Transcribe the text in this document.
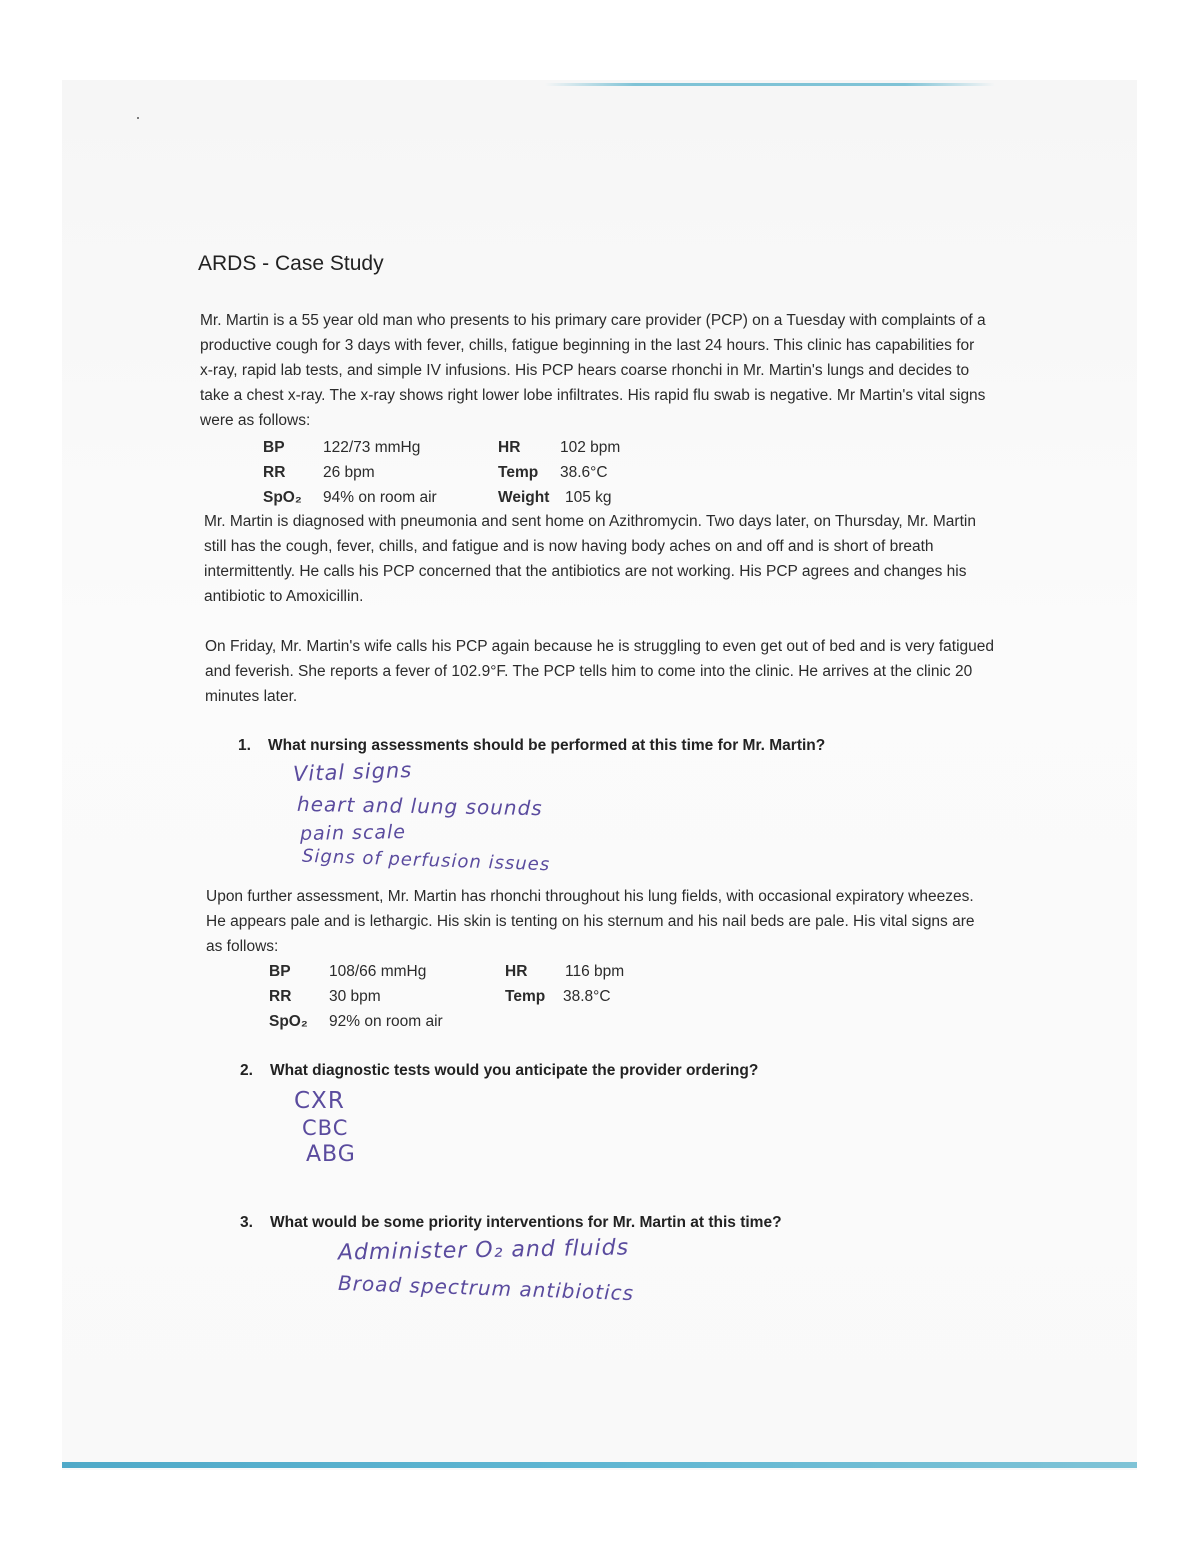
ARDS - Case Study

Mr. Martin is a 55 year old man who presents to his primary care provider (PCP) on a Tuesday with complaints of a productive cough for 3 days with fever, chills, fatigue beginning in the last 24 hours. This clinic has capabilities for x-ray, rapid lab tests, and simple IV infusions. His PCP hears coarse rhonchi in Mr. Martin's lungs and decides to take a chest x-ray. The x-ray shows right lower lobe infiltrates. His rapid flu swab is negative. Mr Martin's vital signs were as follows:

BP 122/73 mmHg	HR	102 bpm
RR 26 bpm	Temp 38.6°C
SpO₂ 94% on room air	Weight 105 kg

Mr. Martin is diagnosed with pneumonia and sent home on Azithromycin. Two days later, on Thursday, Mr. Martin still has the cough, fever, chills, and fatigue and is now having body aches on and off and is short of breath intermittently. He calls his PCP concerned that the antibiotics are not working. His PCP agrees and changes his antibiotic to Amoxicillin.

On Friday, Mr. Martin's wife calls his PCP again because he is struggling to even get out of bed and is very fatigued and feverish. She reports a fever of 102.9°F. The PCP tells him to come into the clinic. He arrives at the clinic 20 minutes later.

1. What nursing assessments should be performed at this time for Mr. Martin?
Vital signs
heart and lung sounds
pain scale
Signs of perfusion issues

Upon further assessment, Mr. Martin has rhonchi throughout his lung fields, with occasional expiratory wheezes. He appears pale and is lethargic. His skin is tenting on his sternum and his nail beds are pale. His vital signs are as follows:

BP 108/66 mmHg	HR 116 bpm
RR 30 bpm	Temp 38.8°C
SpO₂ 92% on room air
2. What diagnostic tests would you anticipate the provider ordering?
CXR
CBC
ABG
3. What would be some priority interventions for Mr. Martin at this time?
Administer O₂ and fluids
Broad spectrum antibiotics
